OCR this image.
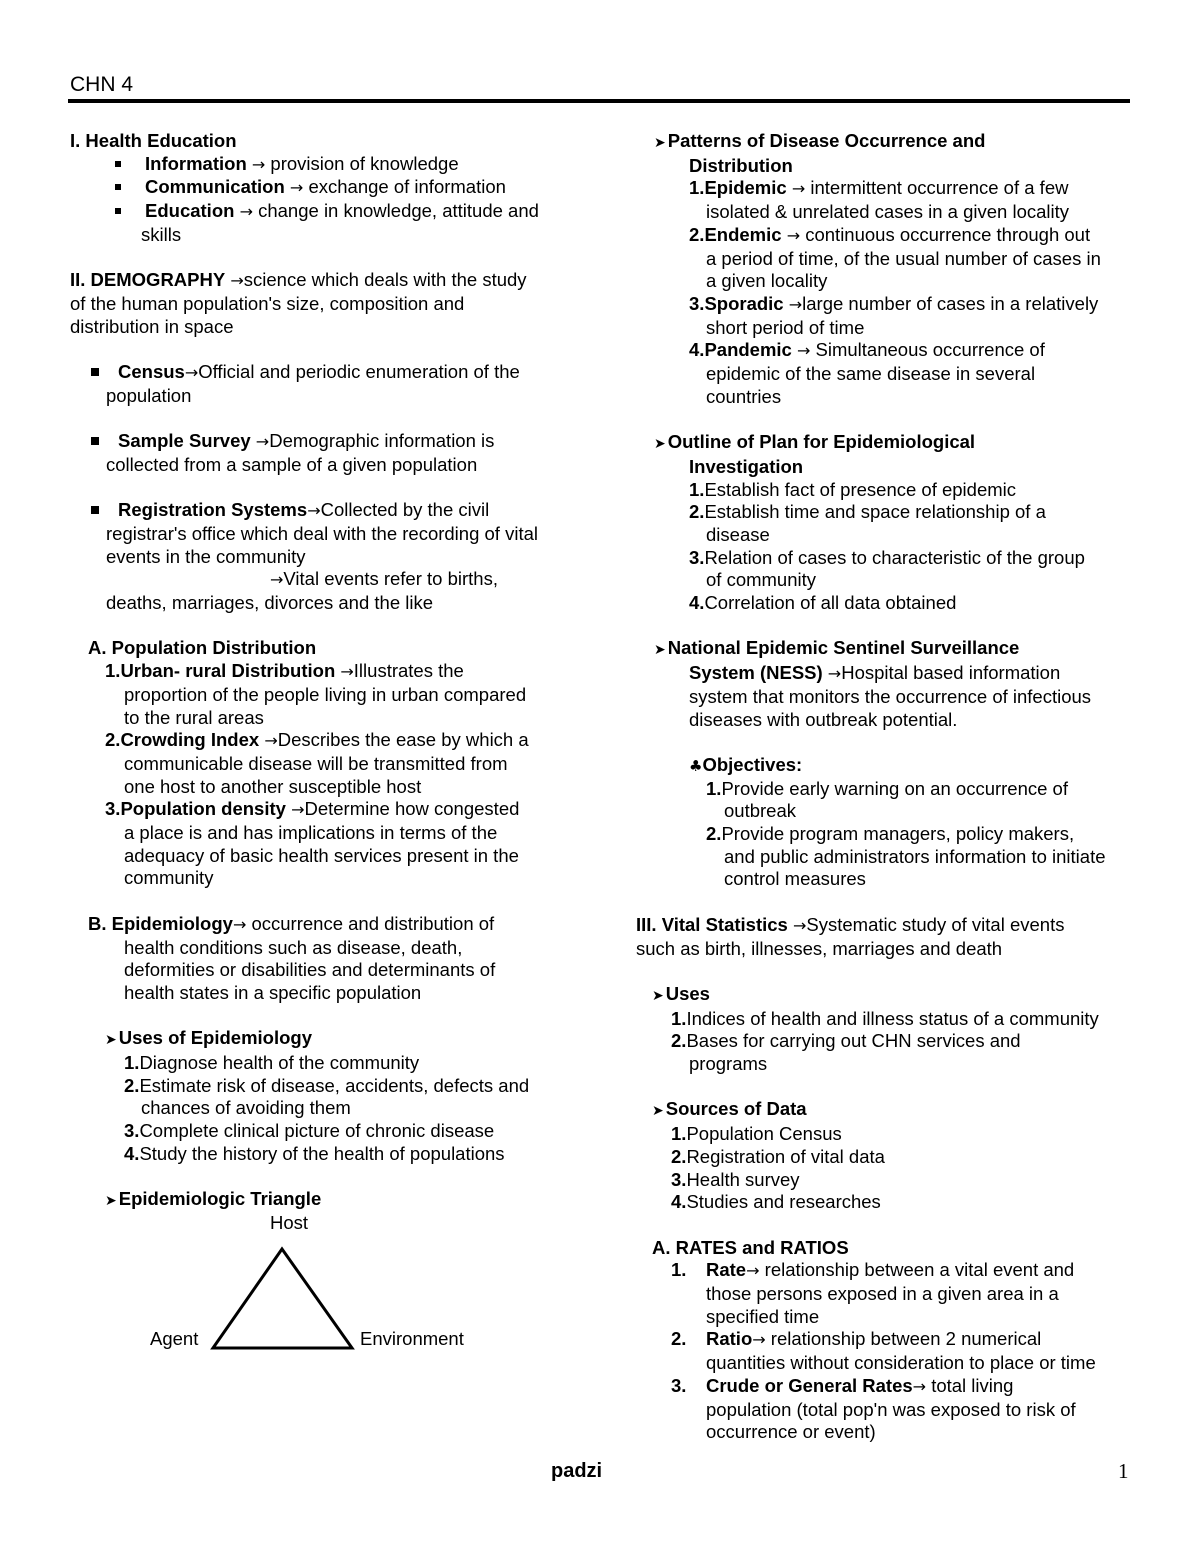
CHN 4
I. Health Education
Information → provision of knowledge
Communication → exchange of information
Education → change in knowledge, attitude and
skills
II. DEMOGRAPHY →science which deals with the study
of the human population's size, composition and
distribution in space
Census→Official and periodic enumeration of the
population
Sample Survey →Demographic information is
collected from a sample of a given population
Registration Systems→Collected by the civil
registrar's office which deal with the recording of vital
events in the community
→Vital events refer to births,
deaths, marriages, divorces and the like
A. Population Distribution
1.Urban- rural Distribution →Illustrates the
proportion of the people living in urban compared
to the rural areas
2.Crowding Index →Describes the ease by which a
communicable disease will be transmitted from
one host to another susceptible host
3.Population density →Determine how congested
a place is and has implications in terms of the
adequacy of basic health services present in the
community
B. Epidemiology→ occurrence and distribution of
health conditions such as disease, death,
deformities or disabilities and determinants of
health states in a specific population
➤ Uses of Epidemiology
1.Diagnose health of the community
2.Estimate risk of disease, accidents, defects and
chances of avoiding them
3.Complete clinical picture of chronic disease
4.Study the history of the health of populations
➤ Epidemiologic Triangle
Host
Agent	Environment
➤ Patterns of Disease Occurrence and
Distribution
1.Epidemic → intermittent occurrence of a few
isolated & unrelated cases in a given locality
2.Endemic → continuous occurrence through out
a period of time, of the usual number of cases in
a given locality
3.Sporadic →large number of cases in a relatively
short period of time
4.Pandemic → Simultaneous occurrence of
epidemic of the same disease in several
countries
➤ Outline of Plan for Epidemiological
Investigation
1.Establish fact of presence of epidemic
2.Establish time and space relationship of a
disease
3.Relation of cases to characteristic of the group
of community
4.Correlation of all data obtained
➤ National Epidemic Sentinel Surveillance
System (NESS) →Hospital based information
system that monitors the occurrence of infectious
diseases with outbreak potential.
♣Objectives:
1.Provide early warning on an occurrence of
outbreak
2.Provide program managers, policy makers,
and public administrators information to initiate
control measures
III. Vital Statistics →Systematic study of vital events
such as birth, illnesses, marriages and death
➤ Uses
1.Indices of health and illness status of a community
2.Bases for carrying out CHN services and
programs
➤ Sources of Data
1.Population Census
2.Registration of vital data
3.Health survey
4.Studies and researches
A. RATES and RATIOS
1. Rate→ relationship between a vital event and
those persons exposed in a given area in a
specified time
2. Ratio→ relationship between 2 numerical
quantities without consideration to place or time
3. Crude or General Rates→ total living
population (total pop'n was exposed to risk of
occurrence or event)
padzi	1
